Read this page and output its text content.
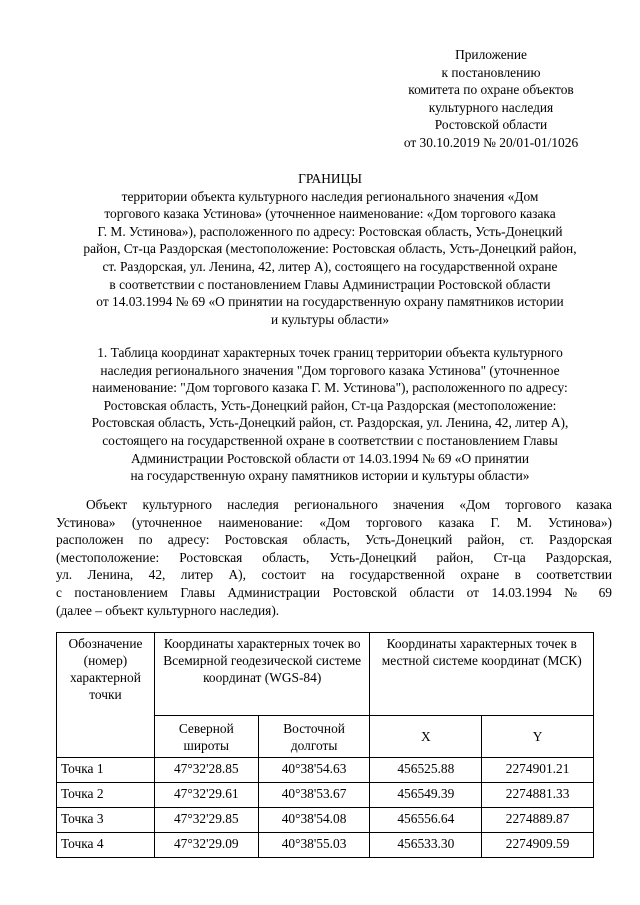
Приложение
к постановлению
комитета по охране объектов
культурного наследия
Ростовской области
от 30.10.2019 № 20/01-01/1026
ГРАНИЦЫ
территории объекта культурного наследия регионального значения «Дом
торгового казака Устинова» (уточненное наименование: «Дом торгового казака
Г. М. Устинова»), расположенного по адресу: Ростовская область, Усть-Донецкий
район, Ст-ца Раздорская (местоположение: Ростовская область, Усть-Донецкий район,
ст. Раздорская, ул. Ленина, 42, литер А), состоящего на государственной охране
в соответствии с постановлением Главы Администрации Ростовской области
от 14.03.1994 № 69 «О принятии на государственную охрану памятников истории
и культуры области»
1. Таблица координат характерных точек границ территории объекта культурного
наследия регионального значения "Дом торгового казака Устинова" (уточненное
наименование: "Дом торгового казака Г. М. Устинова"), расположенного по адресу:
Ростовская область, Усть-Донецкий район, Ст-ца Раздорская (местоположение:
Ростовская область, Усть-Донецкий район, ст. Раздорская, ул. Ленина, 42, литер А),
состоящего на государственной охране в соответствии с постановлением Главы
Администрации Ростовской области от 14.03.1994 № 69 «О принятии
на государственную охрану памятников истории и культуры области»
Объект культурного наследия регионального значения «Дом торгового казака
Устинова» (уточненное наименование: «Дом торгового казака Г. М. Устинова»)
расположен по адресу: Ростовская область, Усть-Донецкий район, ст. Раздорская
(местоположение: Ростовская область, Усть-Донецкий район, Ст-ца Раздорская,
ул. Ленина, 42, литер А), состоит на государственной охране в соответствии
с постановлением Главы Администрации Ростовской области от 14.03.1994 № 69
(далее – объект культурного наследия).
Обозначение (номер) характерной точки	Координаты характерных точек во Всемирной геодезической системе координат (WGS-84)		Координаты характерных точек в местной системе координат (МСК)	
	Северной широты	Восточной долготы	X	Y
Точка 1	47°32'28.85	40°38'54.63	456525.88	2274901.21
Точка 2	47°32'29.61	40°38'53.67	456549.39	2274881.33
Точка 3	47°32'29.85	40°38'54.08	456556.64	2274889.87
Точка 4	47°32'29.09	40°38'55.03	456533.30	2274909.59
